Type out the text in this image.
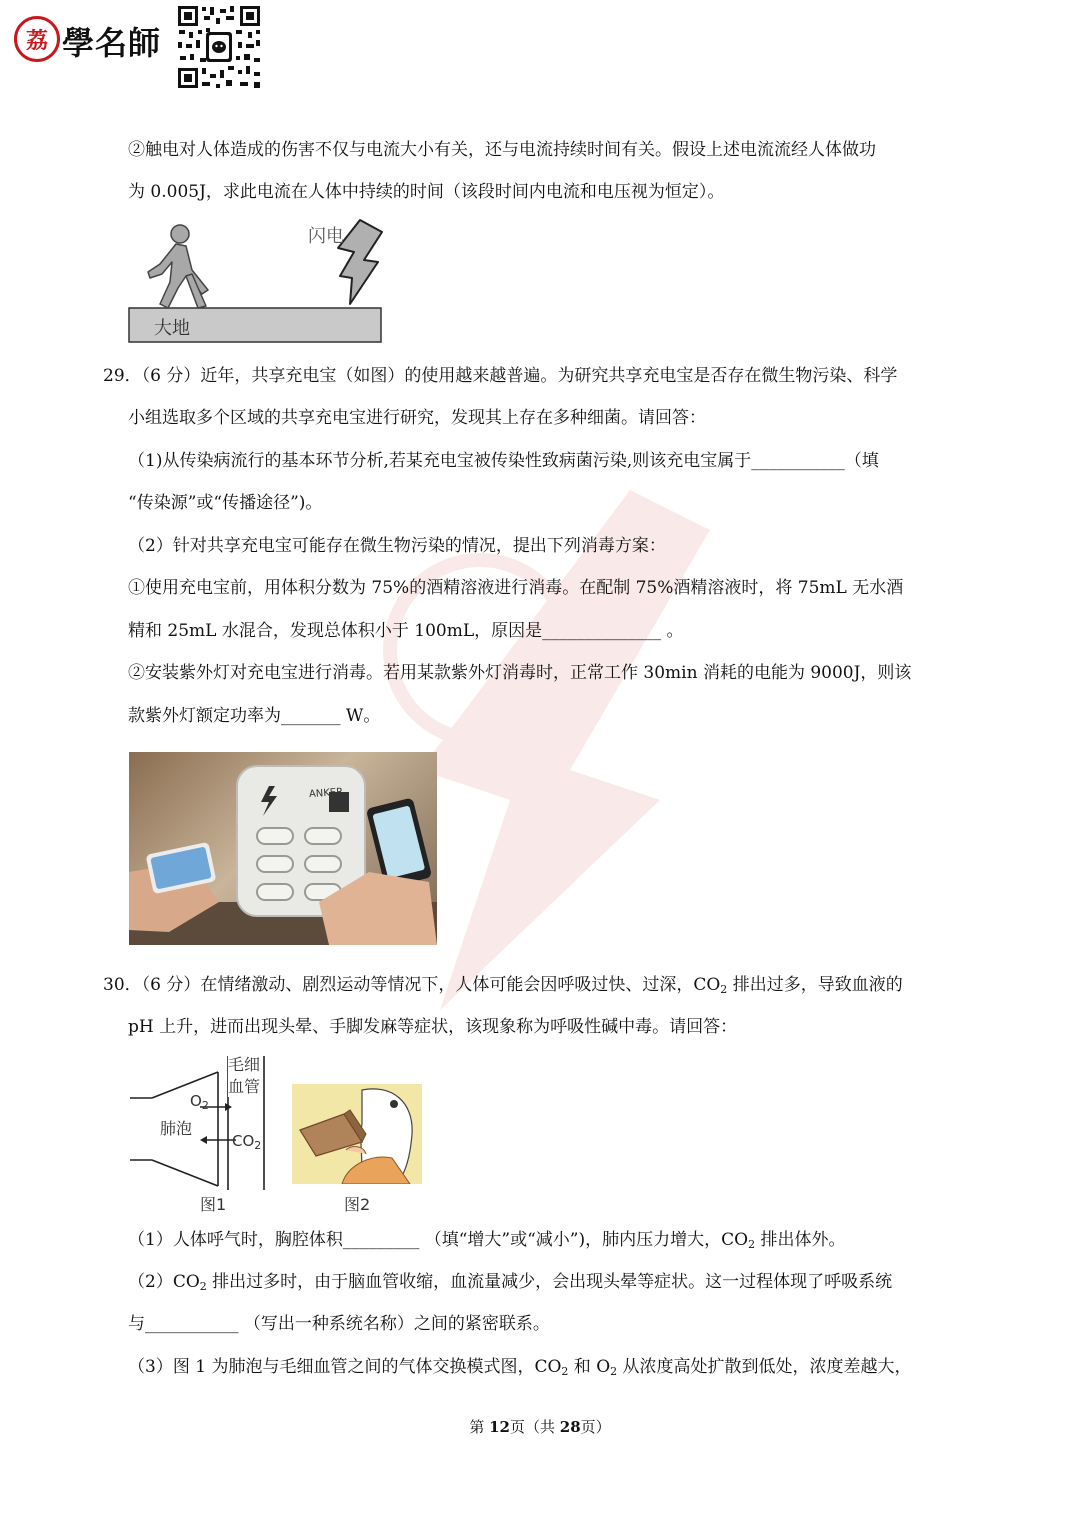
荔 學名師
②触电对人体造成的伤害不仅与电流大小有关，还与电流持续时间有关。假设上述电流流经人体做功
为 0.005J，求此电流在人体中持续的时间（该段时间内电流和电压视为恒定）。
闪电
大地
29．（6 分）近年，共享充电宝（如图）的使用越来越普遍。为研究共享充电宝是否存在微生物污染、科学
小组选取多个区域的共享充电宝进行研究，发现其上存在多种细菌。请回答：
（1)从传染病流行的基本环节分析,若某充电宝被传染性致病菌污染,则该充电宝属于___________（填
“传染源”或“传播途径”)。
（2）针对共享充电宝可能存在微生物污染的情况，提出下列消毒方案：
①使用充电宝前，用体积分数为 75%的酒精溶液进行消毒。在配制 75%酒精溶液时，将 75mL 无水酒
精和 25mL 水混合，发现总体积小于 100mL，原因是______________ 。
②安装紫外灯对充电宝进行消毒。若用某款紫外灯消毒时，正常工作 30min 消耗的电能为 9000J，则该
款紫外灯额定功率为_______ W。
ANKER
30．（6 分）在情绪激动、剧烈运动等情况下，人体可能会因呼吸过快、过深，$CO_2$ 排出过多，导致血液的
pH 上升，进而出现头晕、手脚发麻等症状，该现象称为呼吸性碱中毒。请回答：
毛细
血管
$O_2$
肺泡
$CO_2$
图1	图2
（1）人体呼气时，胸腔体积_________ （填“增大”或“减小”)，肺内压力增大，$CO_2$ 排出体外。
$(2)CO_2$ 排出过多时，由于脑血管收缩，血流量减少，会出现头晕等症状。这一过程体现了呼吸系统
与___________ （写出一种系统名称）之间的紧密联系。
（3）图 1 为肺泡与毛细血管之间的气体交换模式图，$CO_2$ 和 $O_2$ 从浓度高处扩散到低处，浓度差越大，
第 12页（共 28页）
